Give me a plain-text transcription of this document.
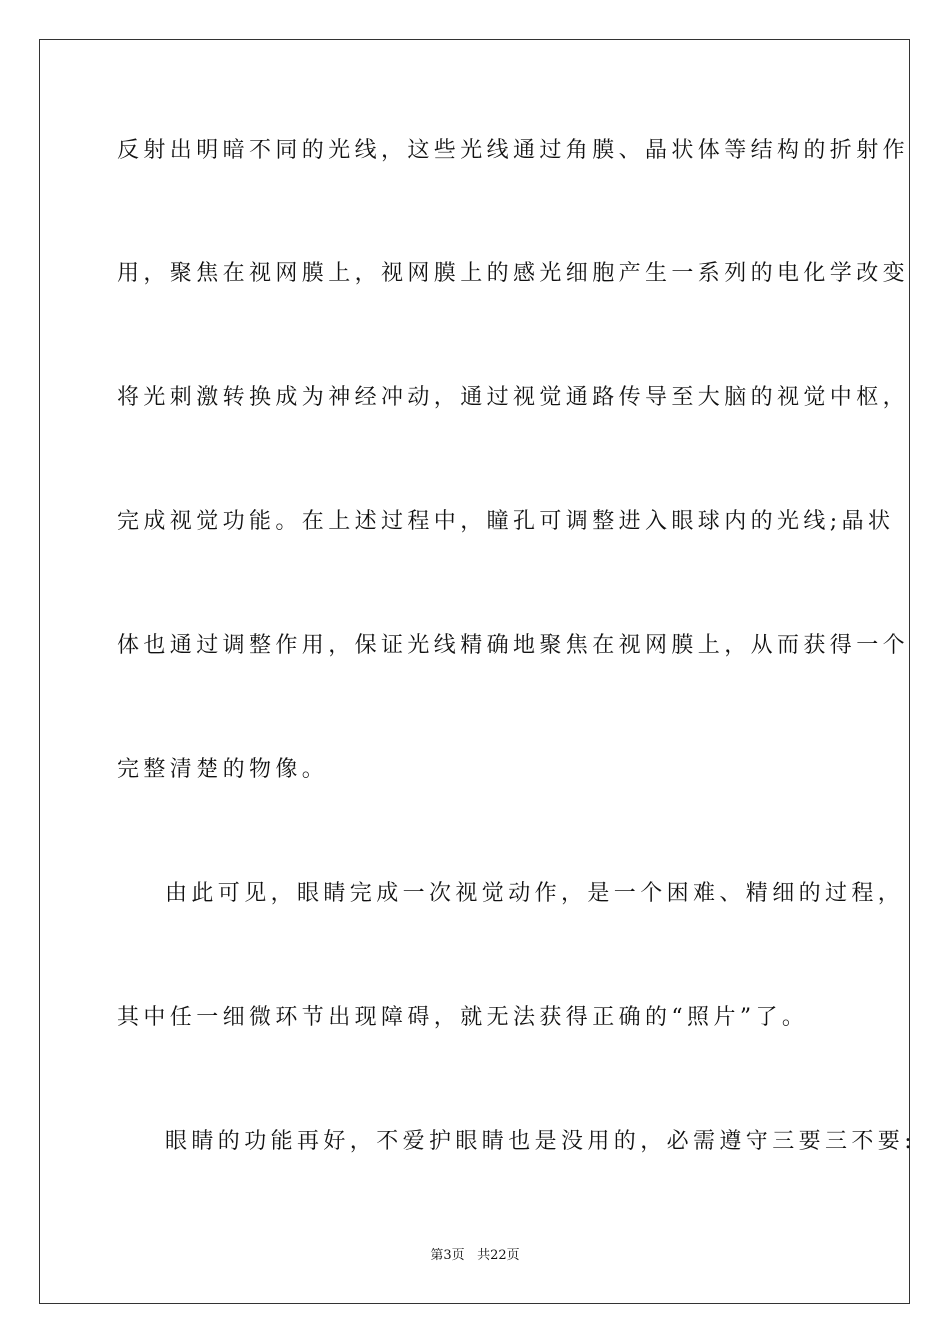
反射出明暗不同的光线，这些光线通过角膜、晶状体等结构的折射作
用，聚焦在视网膜上，视网膜上的感光细胞产生一系列的电化学改变
将光刺激转换成为神经冲动，通过视觉通路传导至大脑的视觉中枢，
完成视觉功能。在上述过程中，瞳孔可调整进入眼球内的光线;晶状
体也通过调整作用，保证光线精确地聚焦在视网膜上，从而获得一个
完整清楚的物像。
由此可见，眼睛完成一次视觉动作，是一个困难、精细的过程，
其中任一细微环节出现障碍，就无法获得正确的“照片”了。
眼睛的功能再好，不爱护眼睛也是没用的，必需遵守三要三不要:
第3页 共22页
